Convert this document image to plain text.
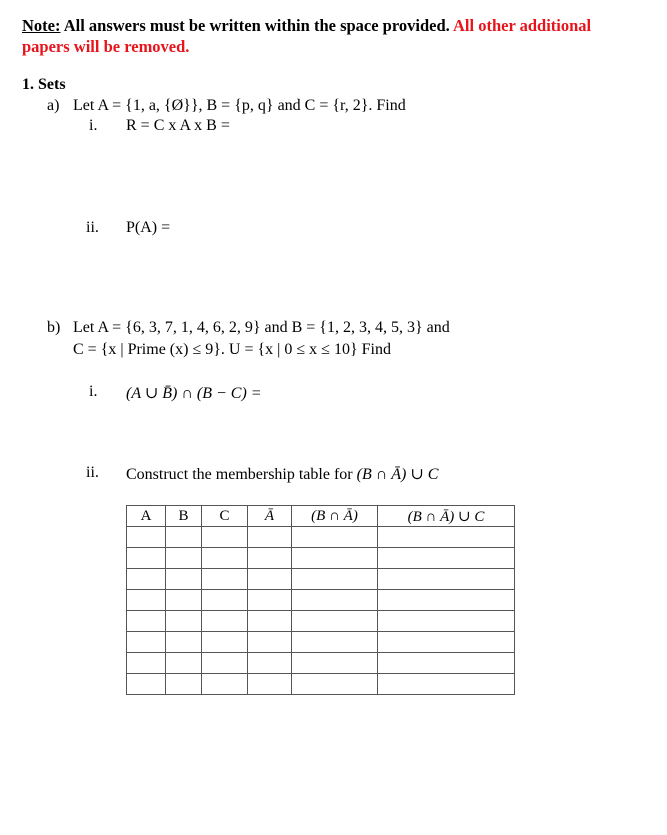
Note: All answers must be written within the space provided. All other additional
papers will be removed.
1. Sets
a) Let A = {1, a, {Ø}}, B = {p, q} and C = {r, 2}. Find
i. R = C x A x B =
ii. P(A) =
b) Let A = {6, 3, 7, 1, 4, 6, 2, 9} and B = {1, 2, 3, 4, 5, 3} and
C = {x | Prime (x) ≤ 9}. U = {x | 0 ≤ x ≤ 10} Find
i. (A ∪ B̄) ∩ (B − C) =
ii. Construct the membership table for (B ∩ Ā) ∪ C
A	B	C	Ā	(B ∩ Ā)	(B ∩ Ā) ∪ C
